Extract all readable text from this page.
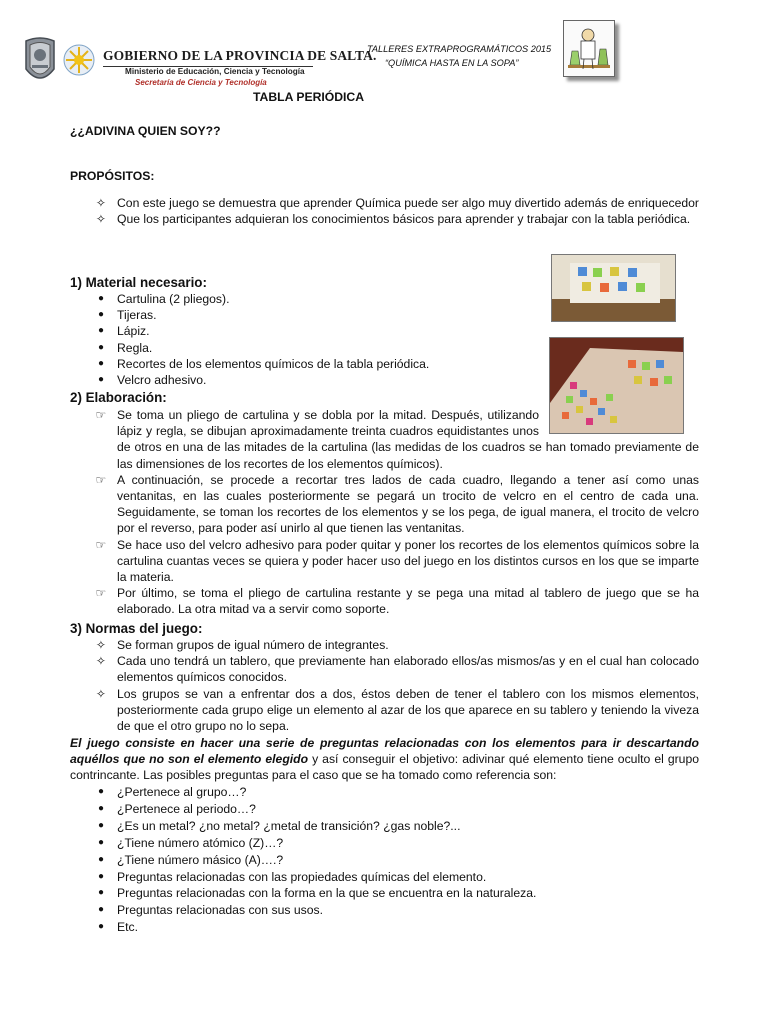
GOBIERNO DE LA PROVINCIA DE SALTA.
Ministerio de Educación, Ciencia y Tecnología
Secretaría de Ciencia y Tecnología
TALLERES EXTRAPROGRAMÁTICOS 2015
“QUÍMICA HASTA EN LA SOPA”
TABLA PERIÓDICA
¿¿ADIVINA QUIEN SOY??
PROPÓSITOS:
✧ Con este juego se demuestra que aprender Química puede ser algo muy divertido además de enriquecedor
✧ Que los participantes adquieran los conocimientos básicos para aprender y trabajar con la tabla periódica.
1) Material necesario:
●	Cartulina (2 pliegos).
●	Tijeras.
●	Lápiz.
●	Regla.
●	Recortes de los elementos químicos de la tabla periódica.
●	Velcro adhesivo.
2) Elaboración:
☞ Se toma un pliego de cartulina y se dobla por la mitad. Después, utilizando lápiz y regla, se dibujan aproximadamente treinta cuadros equidistantes unos de otros en una de las mitades de la cartulina (las medidas de los cuadros se han tomado previamente de las dimensiones de los recortes de los elementos químicos).
☞ A continuación, se procede a recortar tres lados de cada cuadro, llegando a tener así como unas ventanitas, en las cuales posteriormente se pegará un trocito de velcro en el centro de cada una. Seguidamente, se toman los recortes de los elementos y se los pega, de igual manera, el trocito de velcro por el reverso, para poder así unirlo al que tienen las ventanitas.
☞ Se hace uso del velcro adhesivo para poder quitar y poner los recortes de los elementos químicos sobre la cartulina cuantas veces se quiera y poder hacer uso del juego en los distintos cursos en los que se imparte la materia.
☞ Por último, se toma el pliego de cartulina restante y se pega una mitad al tablero de juego que se ha elaborado. La otra mitad va a servir como soporte.
3) Normas del juego:
✧ Se forman grupos de igual número de integrantes.
✧ Cada uno tendrá un tablero, que previamente han elaborado ellos/as mismos/as y en el cual han colocado elementos químicos conocidos.
✧ Los grupos se van a enfrentar dos a dos, éstos deben de tener el tablero con los mismos elementos, posteriormente cada grupo elige un elemento al azar de los que aparece en su tablero y teniendo la viveza de que el otro grupo no lo sepa.

El juego consiste en hacer una serie de preguntas relacionadas con los elementos para ir descartando aquéllos que no son el elemento elegido y así conseguir el objetivo: adivinar qué elemento tiene oculto el grupo contrincante. Las posibles preguntas para el caso que se ha tomado como referencia son:

●	¿Pertenece al grupo…?
●	¿Pertenece al periodo…?
●	¿Es un metal? ¿no metal? ¿metal de transición? ¿gas noble?...
●	¿Tiene número atómico (Z)…?
●	¿Tiene número másico (A)….?
●	Preguntas relacionadas con las propiedades químicas del elemento.
●	Preguntas relacionadas con la forma en la que se encuentra en la naturaleza.
●	Preguntas relacionadas con sus usos.
●	Etc.
